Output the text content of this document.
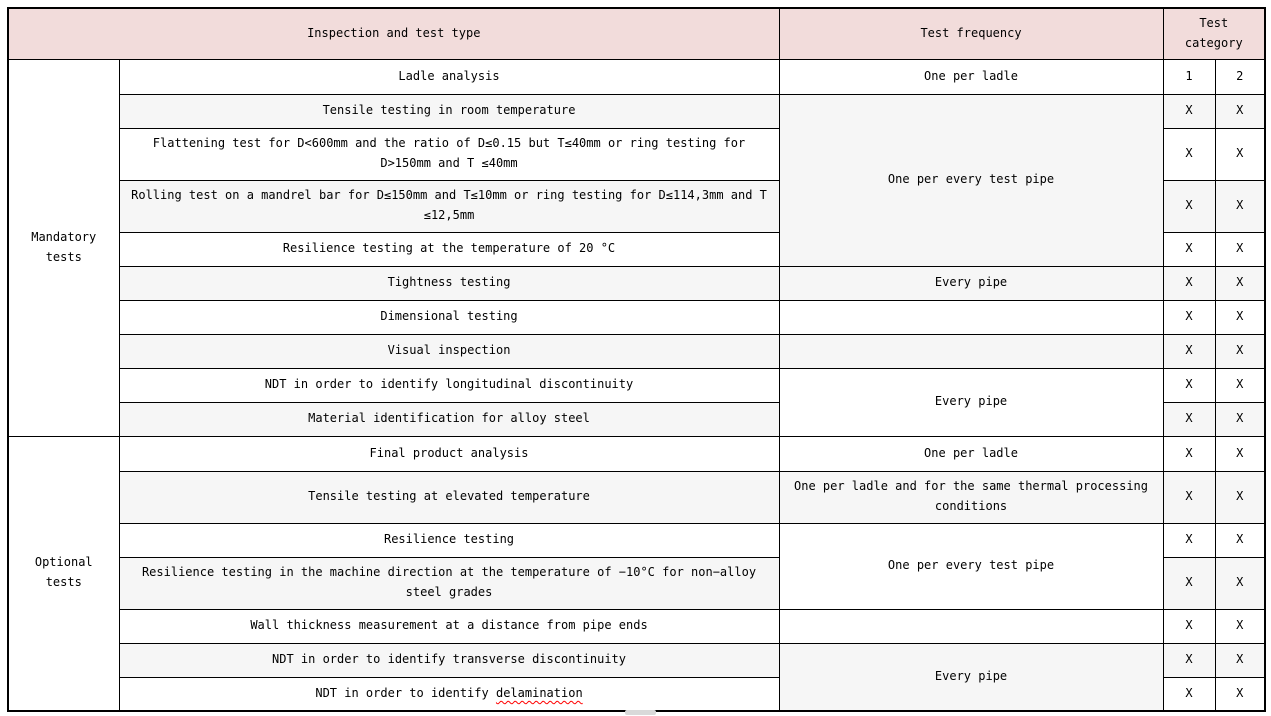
Inspection and test type		Test frequency	Test category	
Mandatory tests	Ladle analysis	One per ladle	1	2
	Tensile testing in room temperature	One per every test pipe	X	X
	Flattening test for D<600mm and the ratio of D≤0.15 but T≤40mm or ring testing for D>150mm and T ≤40mm		X	X
	Rolling test on a mandrel bar for D≤150mm and T≤10mm or ring testing for D≤114,3mm and T ≤12,5mm		X	X
	Resilience testing at the temperature of 20 °C		X	X
	Tightness testing	Every pipe	X	X
	Dimensional testing		X	X
	Visual inspection		X	X
	NDT in order to identify longitudinal discontinuity	Every pipe	X	X
	Material identification for alloy steel		X	X
Optional tests	Final product analysis	One per ladle	X	X
	Tensile testing at elevated temperature	One per ladle and for the same thermal processing conditions	X	X
	Resilience testing	One per every test pipe	X	X
	Resilience testing in the machine direction at the temperature of −10°C for non−alloy steel grades		X	X
	Wall thickness measurement at a distance from pipe ends		X	X
	NDT in order to identify transverse discontinuity	Every pipe	X	X
	NDT in order to identify delamination		X	X
